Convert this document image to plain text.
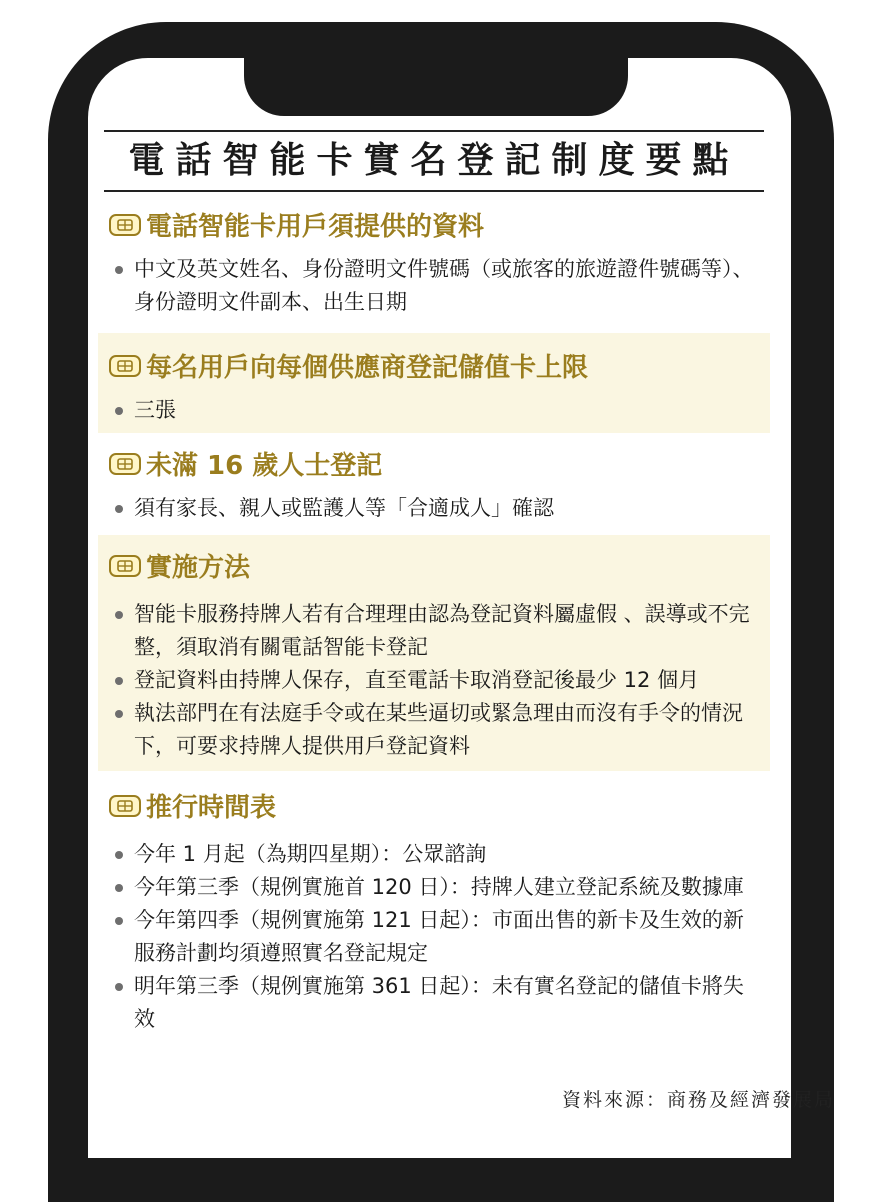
電話智能卡實名登記制度要點
電話智能卡用戶須提供的資料
中文及英文姓名、身份證明文件號碼（或旅客的旅遊證件號碼等）、身份證明文件副本、出生日期
每名用戶向每個供應商登記儲值卡上限
三張
未滿 16 歲人士登記
須有家長、親人或監護人等「合適成人」確認
實施方法
智能卡服務持牌人若有合理理由認為登記資料屬虛假 、誤導或不完整，須取消有關電話智能卡登記
登記資料由持牌人保存，直至電話卡取消登記後最少 12 個月
執法部門在有法庭手令或在某些逼切或緊急理由而沒有手令的情況下，可要求持牌人提供用戶登記資料
推行時間表
今年 1 月起（為期四星期）：公眾諮詢
今年第三季（規例實施首 120 日）：持牌人建立登記系統及數據庫
今年第四季（規例實施第 121 日起）：市面出售的新卡及生效的新服務計劃均須遵照實名登記規定
明年第三季（規例實施第 361 日起）：未有實名登記的儲值卡將失效
資料來源：商務及經濟發展局
